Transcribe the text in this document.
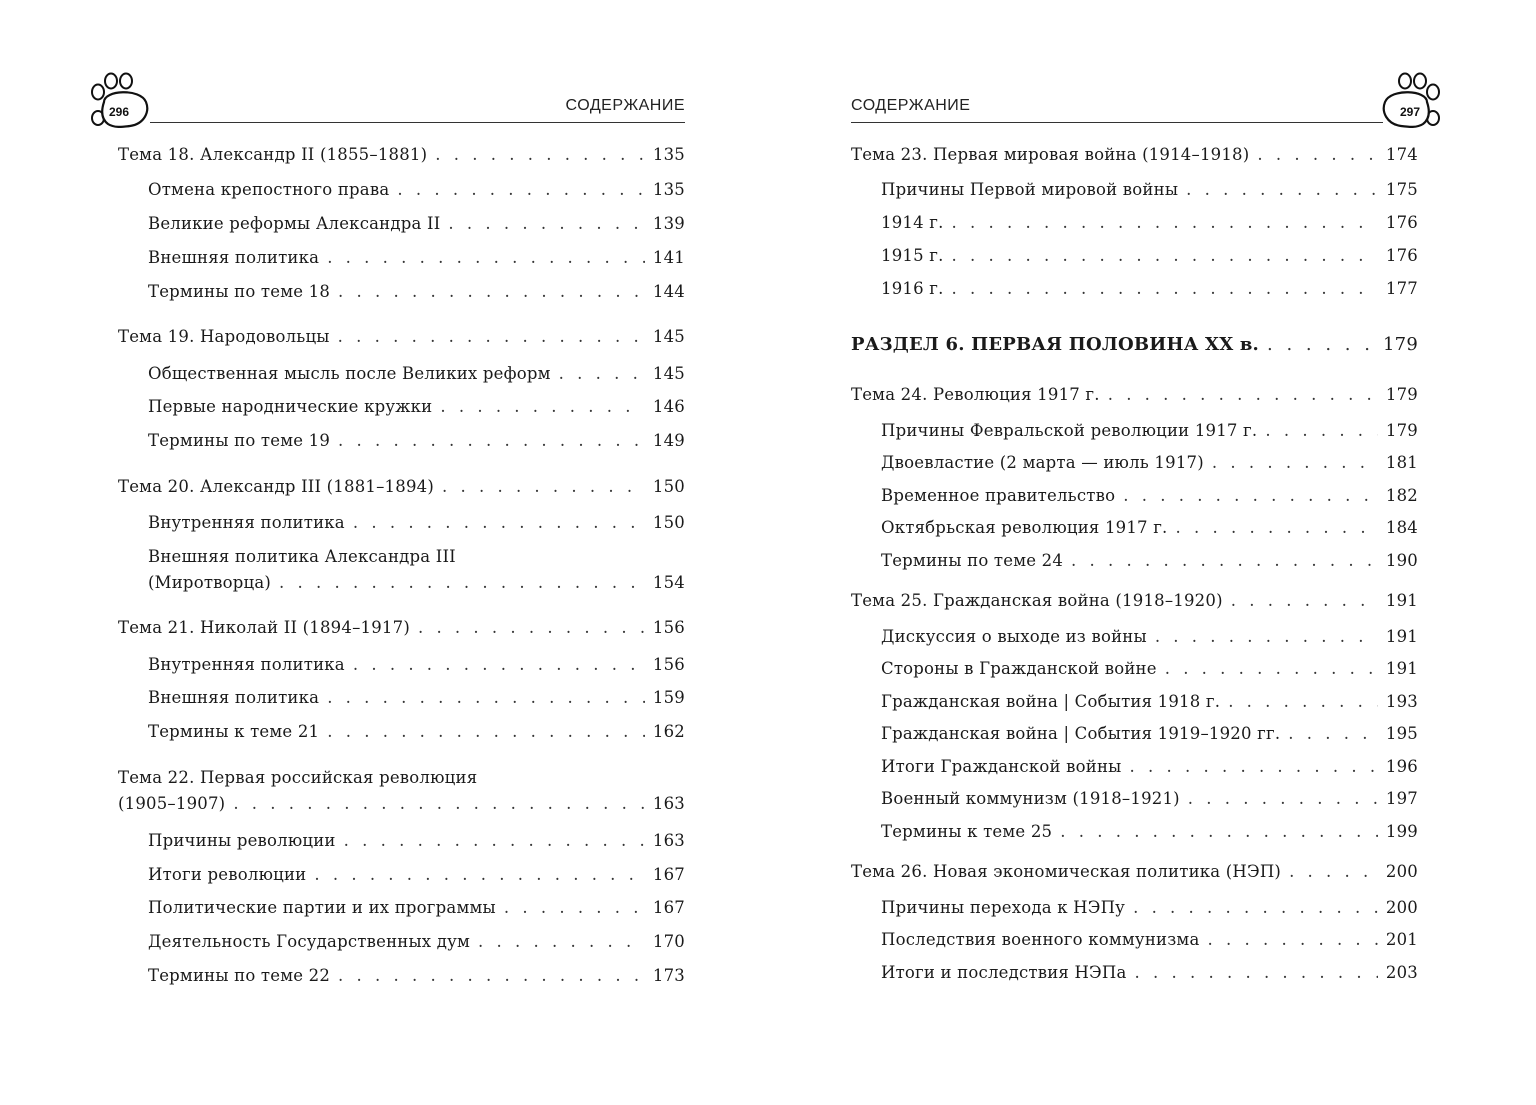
296	СОДЕРЖАНИЕ
Тема 18. Александр II (1855–1881) . . .	135
Отмена крепостного права . . .	135
Великие реформы Александра II . . .	139
Внешняя политика . . .	141
Термины по теме 18 . . .	144
Тема 19. Народовольцы . . .	145
Общественная мысль после Великих реформ . . .	145
Первые народнические кружки . . .	146
Термины по теме 19 . . .	149
Тема 20. Александр III (1881–1894) . . .	150
Внутренняя политика . . .	150
Внешняя политика Александра III
(Миротворца) . . .	154
Тема 21. Николай II (1894–1917) . . .	156
Внутренняя политика . . .	156
Внешняя политика . . .	159
Термины к теме 21 . . .	162
Тема 22. Первая российская революция
(1905–1907) . . .	163
Причины революции . . .	163
Итоги революции . . .	167
Политические партии и их программы . . .	167
Деятельность Государственных дум . . .	170
Термины по теме 22 . . .	173
297
СОДЕРЖАНИЕ
Тема 23. Первая мировая война (1914–1918) . . .	174
Причины Первой мировой войны . . .	175
1914 г. . . .	176
1915 г. . . .	176
1916 г. . . .	177
РАЗДЕЛ 6. ПЕРВАЯ ПОЛОВИНА XX в. . . .	179
Тема 24. Революция 1917 г. . . .	179
Причины Февральской революции 1917 г. . . .	179
Двоевластие (2 марта — июль 1917) . . .	181
Временное правительство . . .	182
Октябрьская революция 1917 г. . . .	184
Термины по теме 24 . . .	190
Тема 25. Гражданская война (1918–1920) . . .	191
Дискуссия о выходе из войны . . .	191
Стороны в Гражданской войне . . .	191
Гражданская война | События 1918 г. . . .	193
Гражданская война | События 1919–1920 гг. . . .	195
Итоги Гражданской войны . . .	196
Военный коммунизм (1918–1921) . . .	197
Термины к теме 25 . . .	199
Тема 26. Новая экономическая политика (НЭП) . . .	200
Причины перехода к НЭПу . . .	200
Последствия военного коммунизма . . .	201
Итоги и последствия НЭПа . . .	203
